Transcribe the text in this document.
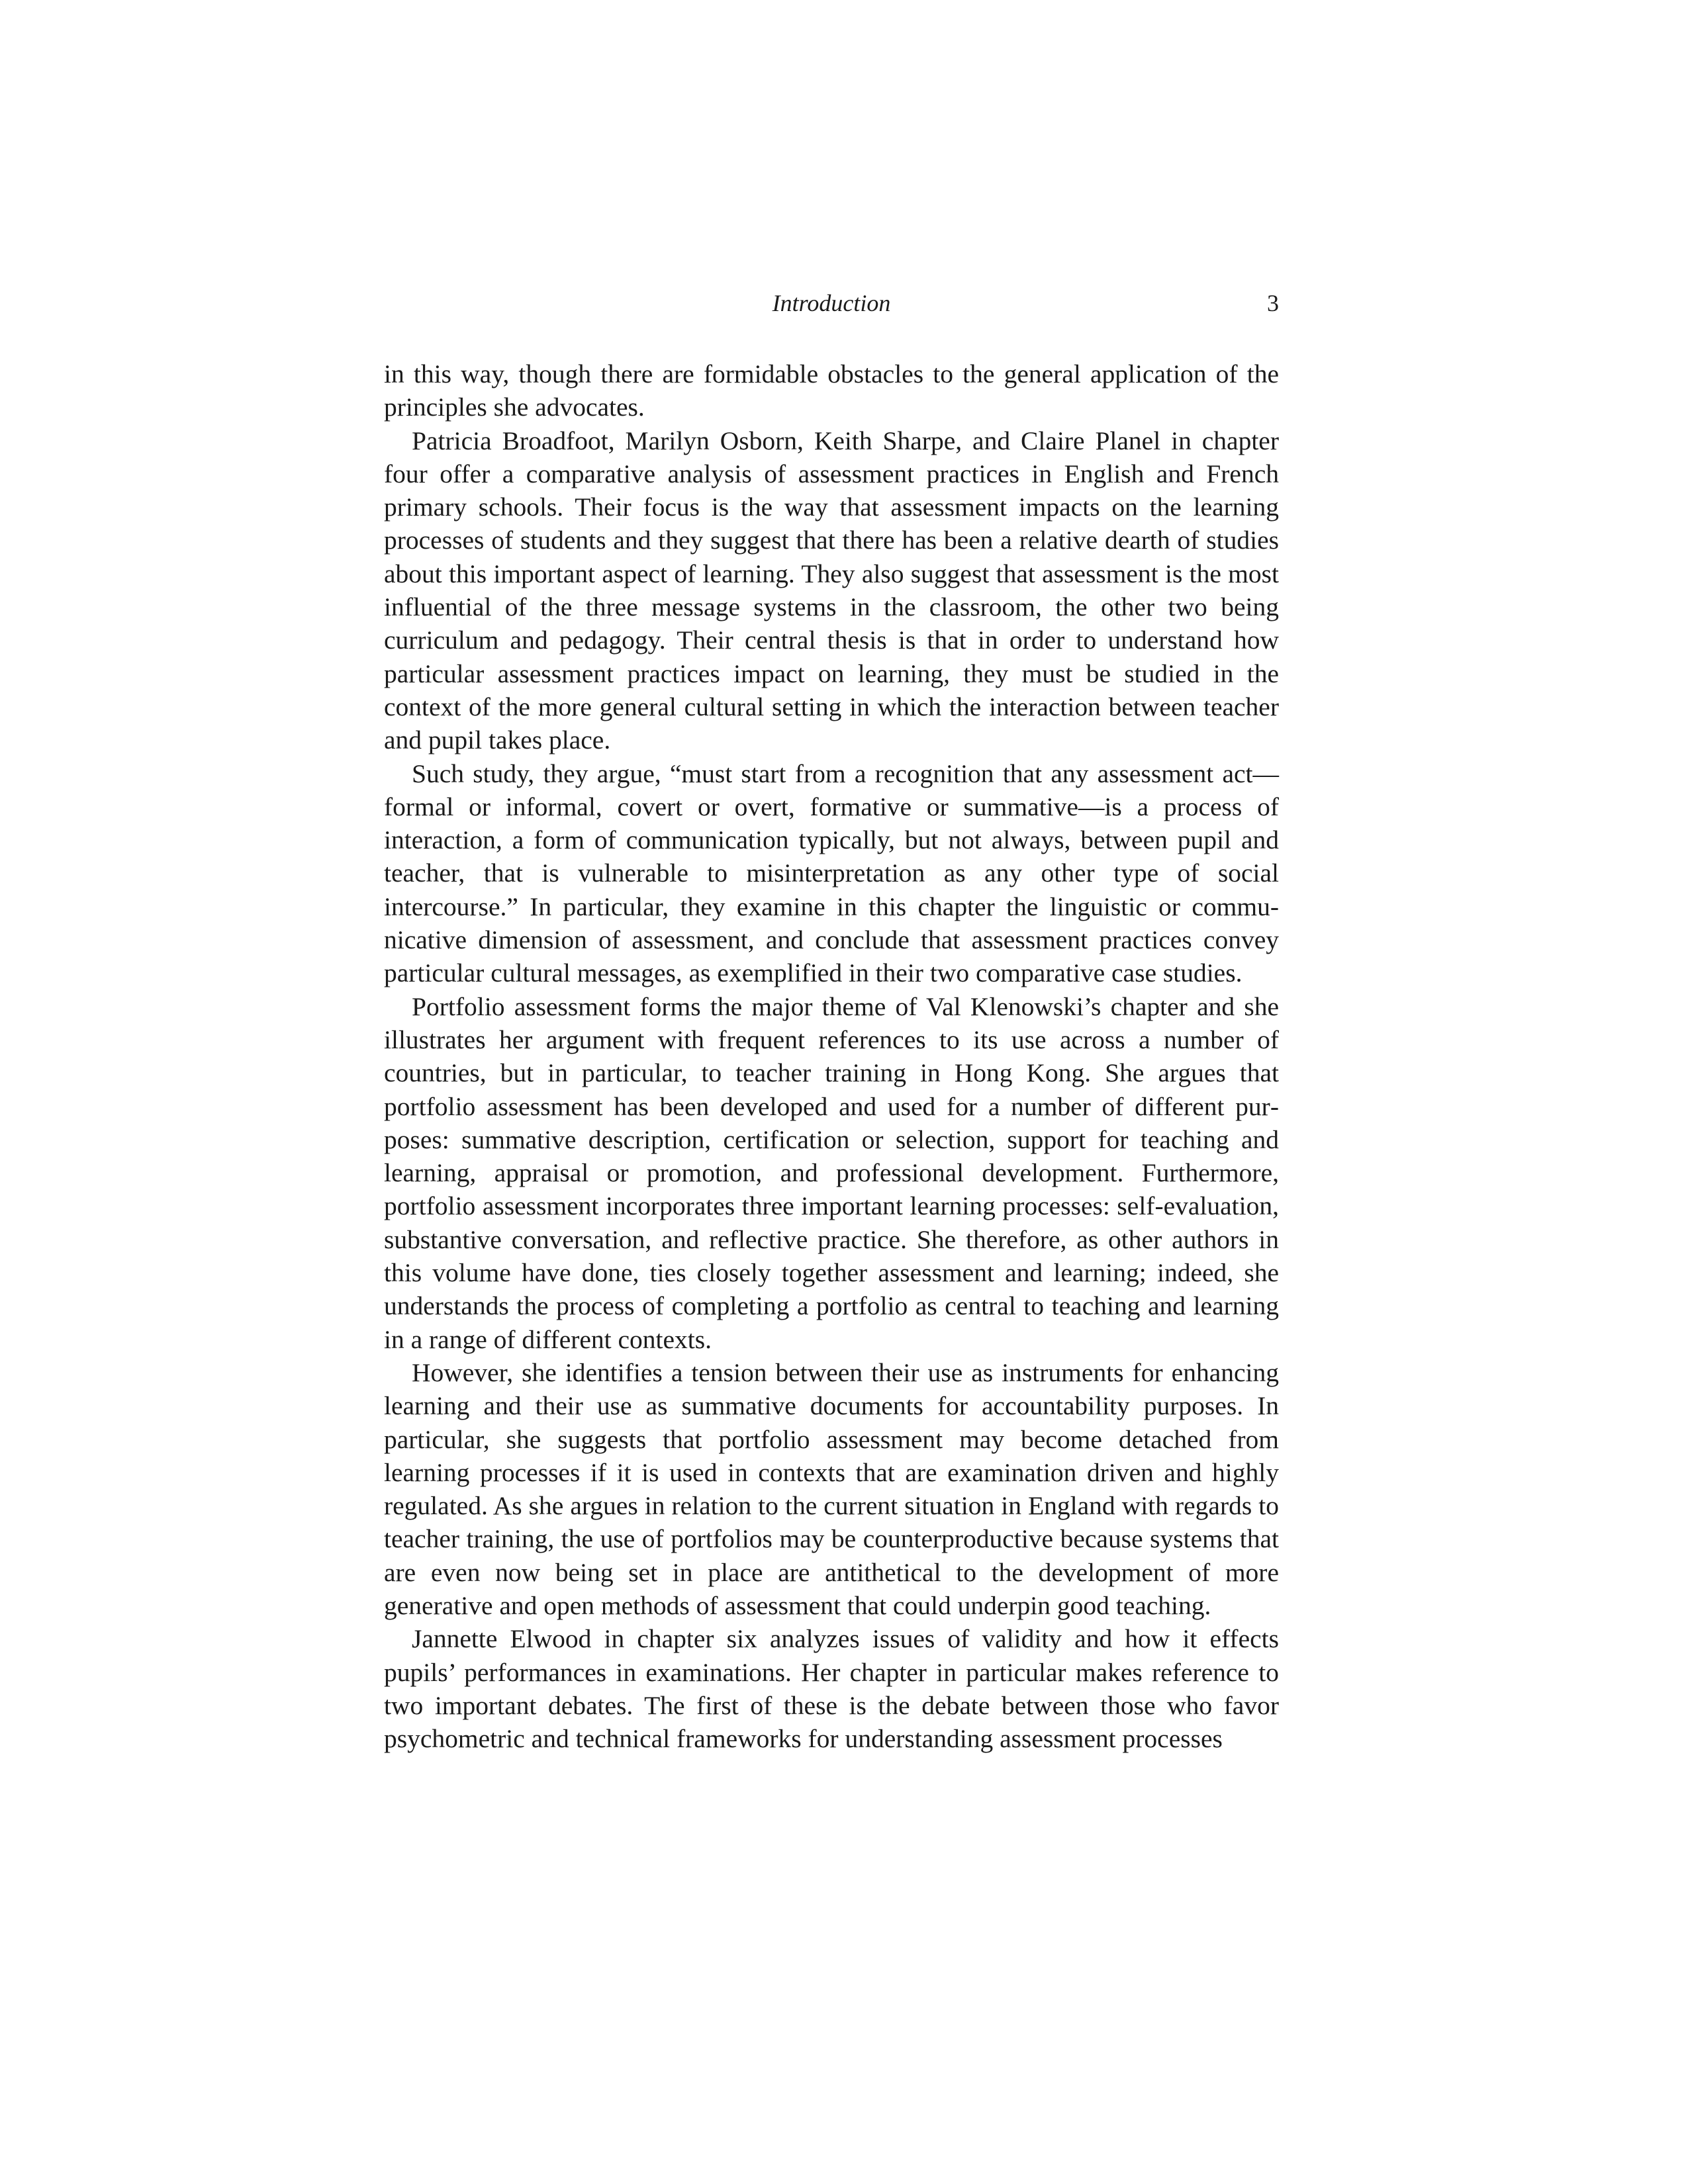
Introduction	3

in this way, though there are formidable obstacles to the general application of the principles she advocates.

Patricia Broadfoot, Marilyn Osborn, Keith Sharpe, and Claire Planel in chapter four offer a comparative analysis of assessment practices in English and French primary schools. Their focus is the way that assessment impacts on the learning processes of students and they suggest that there has been a relative dearth of studies about this important aspect of learning. They also suggest that assessment is the most influential of the three message systems in the classroom, the other two being curriculum and pedagogy. Their central thesis is that in order to understand how particular assessment practices impact on learning, they must be studied in the context of the more general cultural setting in which the interaction between teacher and pupil takes place.

Such study, they argue, “must start from a recognition that any assessment act—formal or informal, covert or overt, formative or summative—is a process of interaction, a form of communication typically, but not always, between pupil and teacher, that is vulnerable to misinterpretation as any other type of social intercourse.” In particular, they examine in this chapter the linguistic or communicative dimension of assessment, and conclude that assessment practices convey particular cultural messages, as exemplified in their two comparative case studies.

Portfolio assessment forms the major theme of Val Klenowski’s chapter and she illustrates her argument with frequent references to its use across a number of countries, but in particular, to teacher training in Hong Kong. She argues that portfolio assessment has been developed and used for a number of different purposes: summative description, certification or selection, support for teaching and learning, appraisal or promotion, and professional development. Furthermore, portfolio assessment incorporates three important learning processes: self-evaluation, substantive conversation, and reflective practice. She therefore, as other authors in this volume have done, ties closely together assessment and learning; indeed, she understands the process of completing a portfolio as central to teaching and learning in a range of different contexts.

However, she identifies a tension between their use as instruments for enhancing learning and their use as summative documents for accountability purposes. In particular, she suggests that portfolio assessment may become detached from learning processes if it is used in contexts that are examination driven and highly regulated. As she argues in relation to the current situation in England with regards to teacher training, the use of portfolios may be counterproductive because systems that are even now being set in place are antithetical to the development of more generative and open methods of assessment that could underpin good teaching.

Jannette Elwood in chapter six analyzes issues of validity and how it effects pupils’ performances in examinations. Her chapter in particular makes reference to two important debates. The first of these is the debate between those who favor psychometric and technical frameworks for understanding assessment processes
